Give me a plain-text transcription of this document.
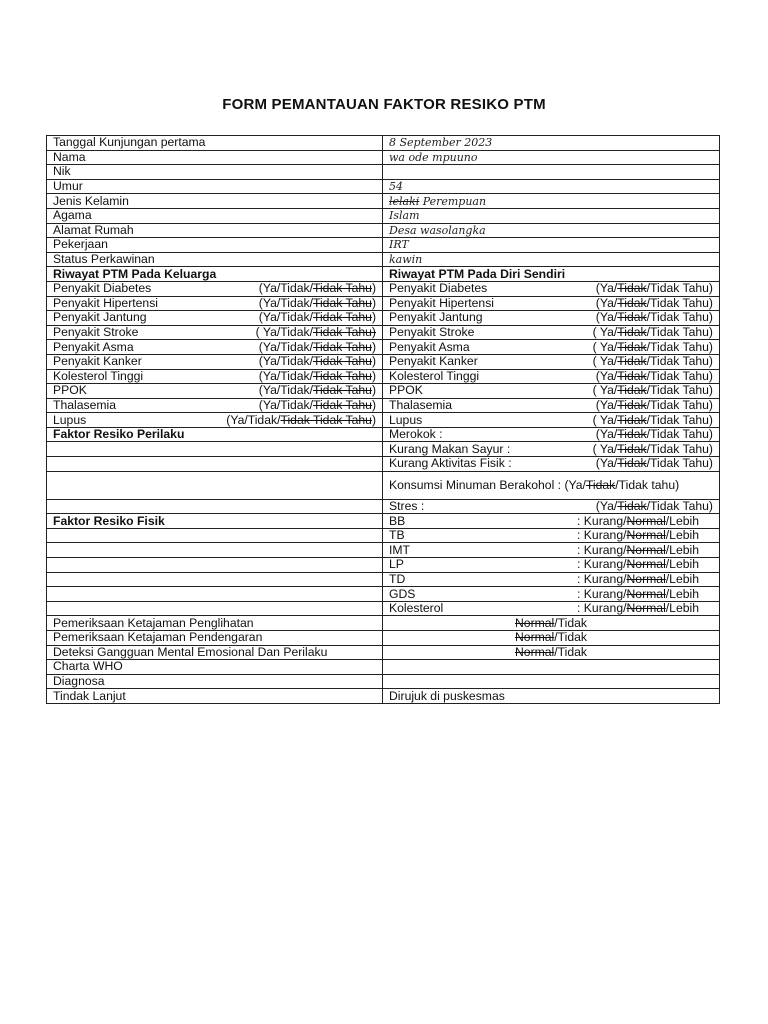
FORM PEMANTAUAN FAKTOR RESIKO PTM
Tanggal Kunjungan pertama	8 September 2023
Nama	wa ode mpuuno
Nik	
Umur	54
Jenis Kelamin	lelaki Perempuan
Agama	Islam
Alamat Rumah	Desa wasolangka
Pekerjaan	IRT
Status Perkawinan	kawin
Riwayat PTM Pada Keluarga	Riwayat PTM Pada Diri Sendiri
Penyakit Diabetes (Ya/Tidak/Tidak Tahu)	Penyakit Diabetes (Ya/Tidak/Tidak Tahu)

Penyakit Hipertensi (Ya/Tidak/Tidak Tahu)	Penyakit Hipertensi (Ya/Tidak/Tidak Tahu)

Penyakit Jantung (Ya/Tidak/Tidak Tahu)	Penyakit Jantung (Ya/Tidak/Tidak Tahu)

Penyakit Stroke ( Ya/Tidak/Tidak Tahu)	Penyakit Stroke ( Ya/Tidak/Tidak Tahu)

Penyakit Asma (Ya/Tidak/Tidak Tahu)	Penyakit Asma ( Ya/Tidak/Tidak Tahu)

Penyakit Kanker (Ya/Tidak/Tidak Tahu)	Penyakit Kanker ( Ya/Tidak/Tidak Tahu)

Kolesterol Tinggi (Ya/Tidak/Tidak Tahu)	Kolesterol Tinggi (Ya/Tidak/Tidak Tahu)

PPOK (Ya/Tidak/Tidak Tahu)	PPOK ( Ya/Tidak/Tidak Tahu)

Thalasemia (Ya/Tidak/Tidak Tahu)	Thalasemia (Ya/Tidak/Tidak Tahu)

Lupus (Ya/Tidak/Tidak Tidak Tahu)	Lupus ( Ya/Tidak/Tidak Tahu)

Faktor Resiko Perilaku	Merokok : (Ya/Tidak/Tidak Tahu)

	Kurang Makan Sayur : ( Ya/Tidak/Tidak Tahu)

	Kurang Aktivitas Fisik : (Ya/Tidak/Tidak Tahu)

	Konsumsi Minuman Berakohol : (Ya/Tidak/Tidak tahu)
	Stres : (Ya/Tidak/Tidak Tahu)

Faktor Resiko Fisik	BB : Kurang/Normal/Lebih

	TB : Kurang/Normal/Lebih

	IMT : Kurang/Normal/Lebih

	LP : Kurang/Normal/Lebih

	TD : Kurang/Normal/Lebih

	GDS : Kurang/Normal/Lebih

	Kolesterol : Kurang/Normal/Lebih

Pemeriksaan Ketajaman Penglihatan	Normal/Tidak
Pemeriksaan Ketajaman Pendengaran	Normal/Tidak
Deteksi Gangguan Mental Emosional Dan Perilaku	Normal/Tidak
Charta WHO	
Diagnosa	
Tindak Lanjut	Dirujuk di puskesmas
